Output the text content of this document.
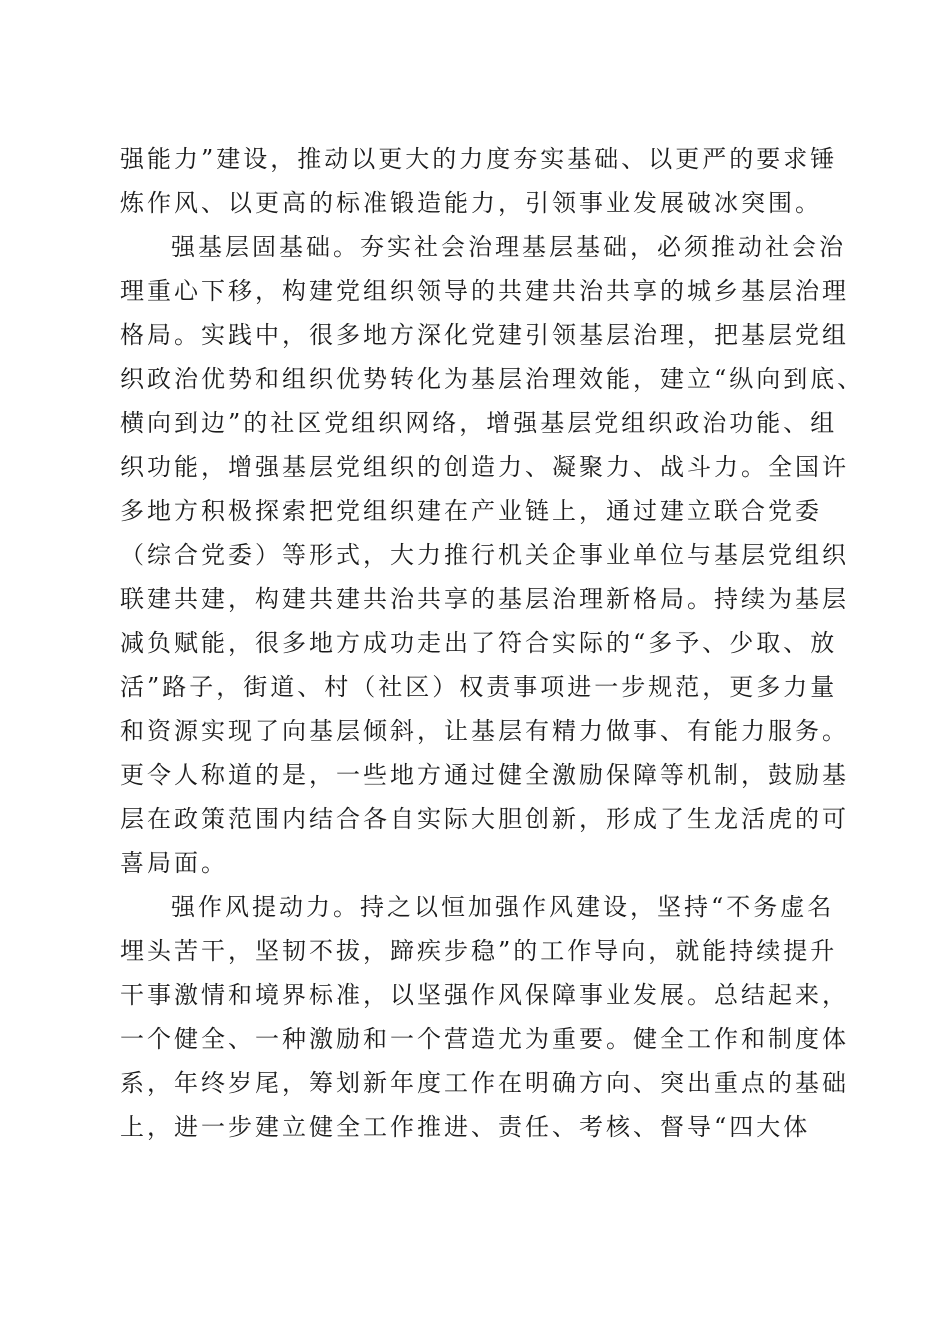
强能力”建设，推动以更大的力度夯实基础、以更严的要求锤
炼作风、以更高的标准锻造能力，引领事业发展破冰突围。
强基层固基础。夯实社会治理基层基础，必须推动社会治
理重心下移，构建党组织领导的共建共治共享的城乡基层治理
格局。实践中，很多地方深化党建引领基层治理，把基层党组
织政治优势和组织优势转化为基层治理效能，建立“纵向到底、
横向到边”的社区党组织网络，增强基层党组织政治功能、组
织功能，增强基层党组织的创造力、凝聚力、战斗力。全国许
多地方积极探索把党组织建在产业链上，通过建立联合党委
（综合党委）等形式，大力推行机关企事业单位与基层党组织
联建共建，构建共建共治共享的基层治理新格局。持续为基层
减负赋能，很多地方成功走出了符合实际的“多予、少取、放
活”路子，街道、村（社区）权责事项进一步规范，更多力量
和资源实现了向基层倾斜，让基层有精力做事、有能力服务。
更令人称道的是，一些地方通过健全激励保障等机制，鼓励基
层在政策范围内结合各自实际大胆创新，形成了生龙活虎的可
喜局面。
强作风提动力。持之以恒加强作风建设，坚持“不务虚名
埋头苦干，坚韧不拔，蹄疾步稳”的工作导向，就能持续提升
干事激情和境界标准，以坚强作风保障事业发展。总结起来，
一个健全、一种激励和一个营造尤为重要。健全工作和制度体
系，年终岁尾，筹划新年度工作在明确方向、突出重点的基础
上，进一步建立健全工作推进、责任、考核、督导“四大体
